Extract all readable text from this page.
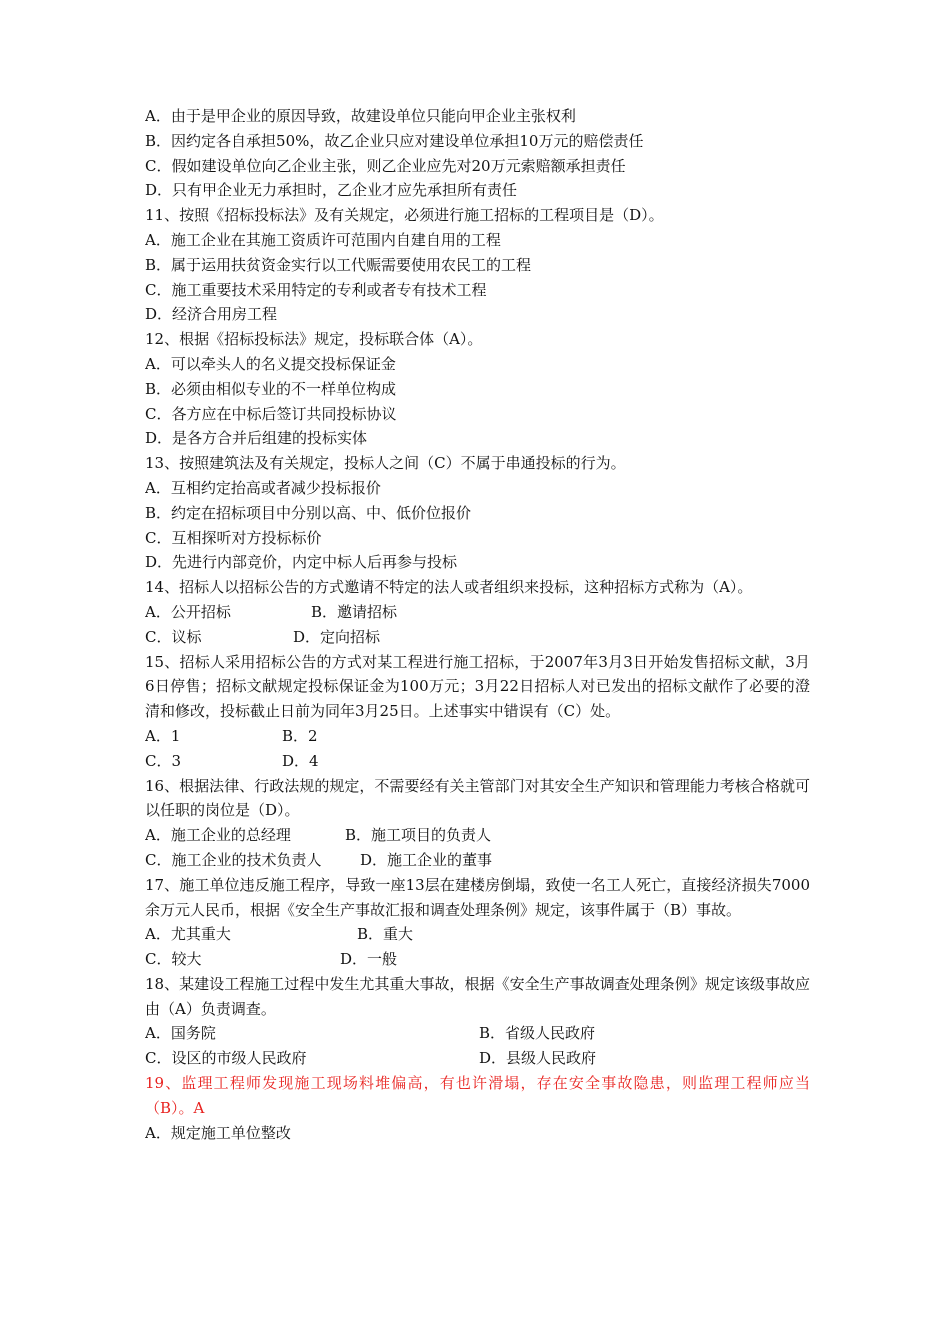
A．由于是甲企业的原因导致，故建设单位只能向甲企业主张权利
B．因约定各自承担50%，故乙企业只应对建设单位承担10万元的赔偿责任
C．假如建设单位向乙企业主张，则乙企业应先对20万元索赔额承担责任
D．只有甲企业无力承担时，乙企业才应先承担所有责任
11、按照《招标投标法》及有关规定，必须进行施工招标的工程项目是（D）。
A．施工企业在其施工资质许可范围内自建自用的工程
B．属于运用扶贫资金实行以工代赈需要使用农民工的工程
C．施工重要技术采用特定的专利或者专有技术工程
D．经济合用房工程
12、根据《招标投标法》规定，投标联合体（A）。
A．可以牵头人的名义提交投标保证金
B．必须由相似专业的不一样单位构成
C．各方应在中标后签订共同投标协议
D．是各方合并后组建的投标实体
13、按照建筑法及有关规定，投标人之间（C）不属于串通投标的行为。
A．互相约定抬高或者减少投标报价
B．约定在招标项目中分别以高、中、低价位报价
C．互相探听对方投标标价
D．先进行内部竞价，内定中标人后再参与投标
14、招标人以招标公告的方式邀请不特定的法人或者组织来投标，这种招标方式称为（A）。
A．公开招标	B．邀请招标
C．议标	D．定向招标
15、招标人采用招标公告的方式对某工程进行施工招标，于2007年3月3日开始发售招标文献，3月6日停售；招标文献规定投标保证金为100万元；3月22日招标人对已发出的招标文献作了必要的澄清和修改，投标截止日前为同年3月25日。上述事实中错误有（C）处。
A．1	B．2
C．3	D．4
16、根据法律、行政法规的规定，不需要经有关主管部门对其安全生产知识和管理能力考核合格就可以任职的岗位是（D）。
A．施工企业的总经理	B．施工项目的负责人
C．施工企业的技术负责人	D．施工企业的董事
17、施工单位违反施工程序，导致一座13层在建楼房倒塌，致使一名工人死亡，直接经济损失7000余万元人民币，根据《安全生产事故汇报和调查处理条例》规定，该事件属于（B）事故。
A．尤其重大	B．重大
C．较大	D．一般
18、某建设工程施工过程中发生尤其重大事故，根据《安全生产事故调查处理条例》规定该级事故应由（A）负责调查。
A．国务院	B．省级人民政府
C．设区的市级人民政府	D．县级人民政府
19、监理工程师发现施工现场料堆偏高，有也许滑塌，存在安全事故隐患，则监理工程师应当（B）。A
A．规定施工单位整改
